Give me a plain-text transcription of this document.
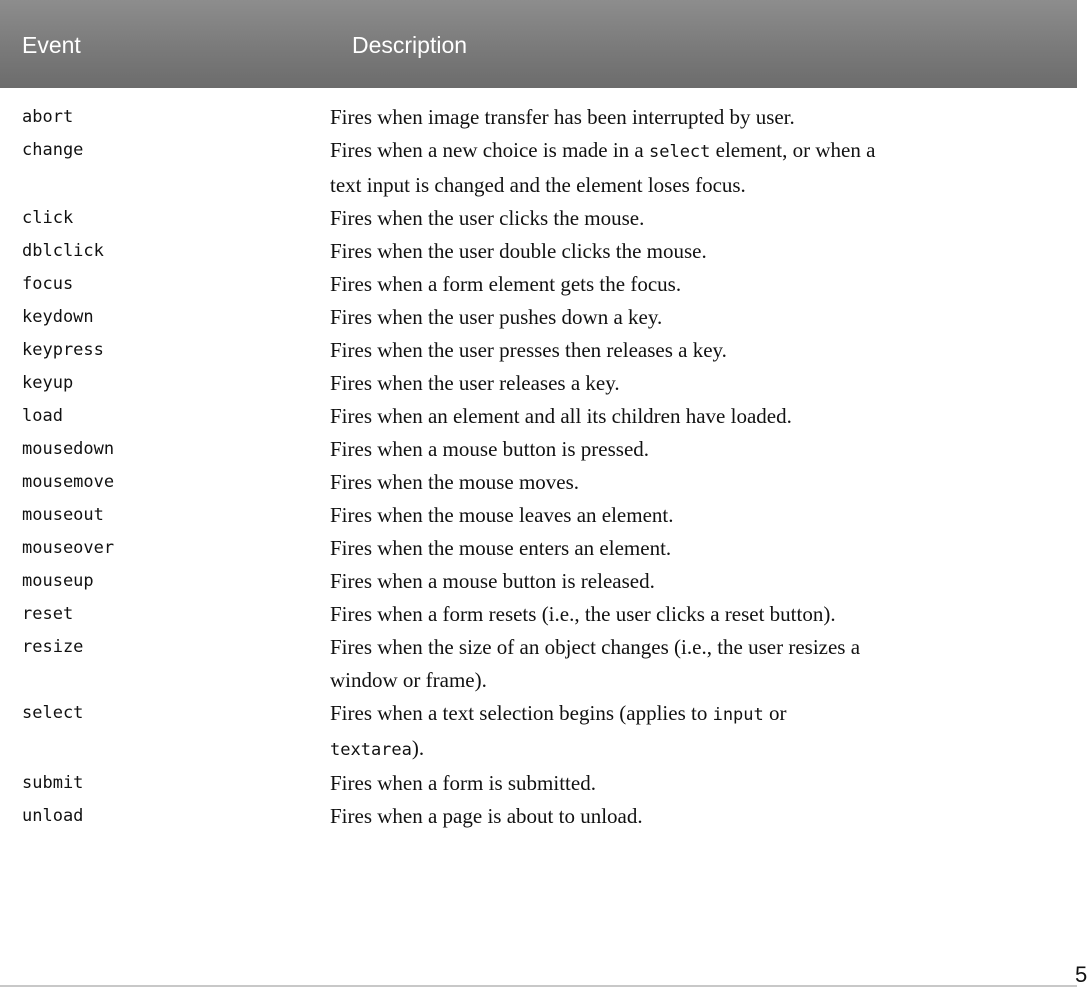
Event	Description
abort	Fires when image transfer has been interrupted by user.
change	Fires when a new choice is made in a select element, or when a
text input is changed and the element loses focus.
click	Fires when the user clicks the mouse.
dblclick	Fires when the user double clicks the mouse.
focus	Fires when a form element gets the focus.
keydown	Fires when the user pushes down a key.
keypress	Fires when the user presses then releases a key.
keyup	Fires when the user releases a key.
load	Fires when an element and all its children have loaded.
mousedown	Fires when a mouse button is pressed.
mousemove	Fires when the mouse moves.
mouseout	Fires when the mouse leaves an element.
mouseover	Fires when the mouse enters an element.
mouseup	Fires when a mouse button is released.
reset	Fires when a form resets (i.e., the user clicks a reset button).
resize	Fires when the size of an object changes (i.e., the user resizes a
window or frame).
select	Fires when a text selection begins (applies to input or
textarea).
submit	Fires when a form is submitted.
unload	Fires when a page is about to unload.
5
